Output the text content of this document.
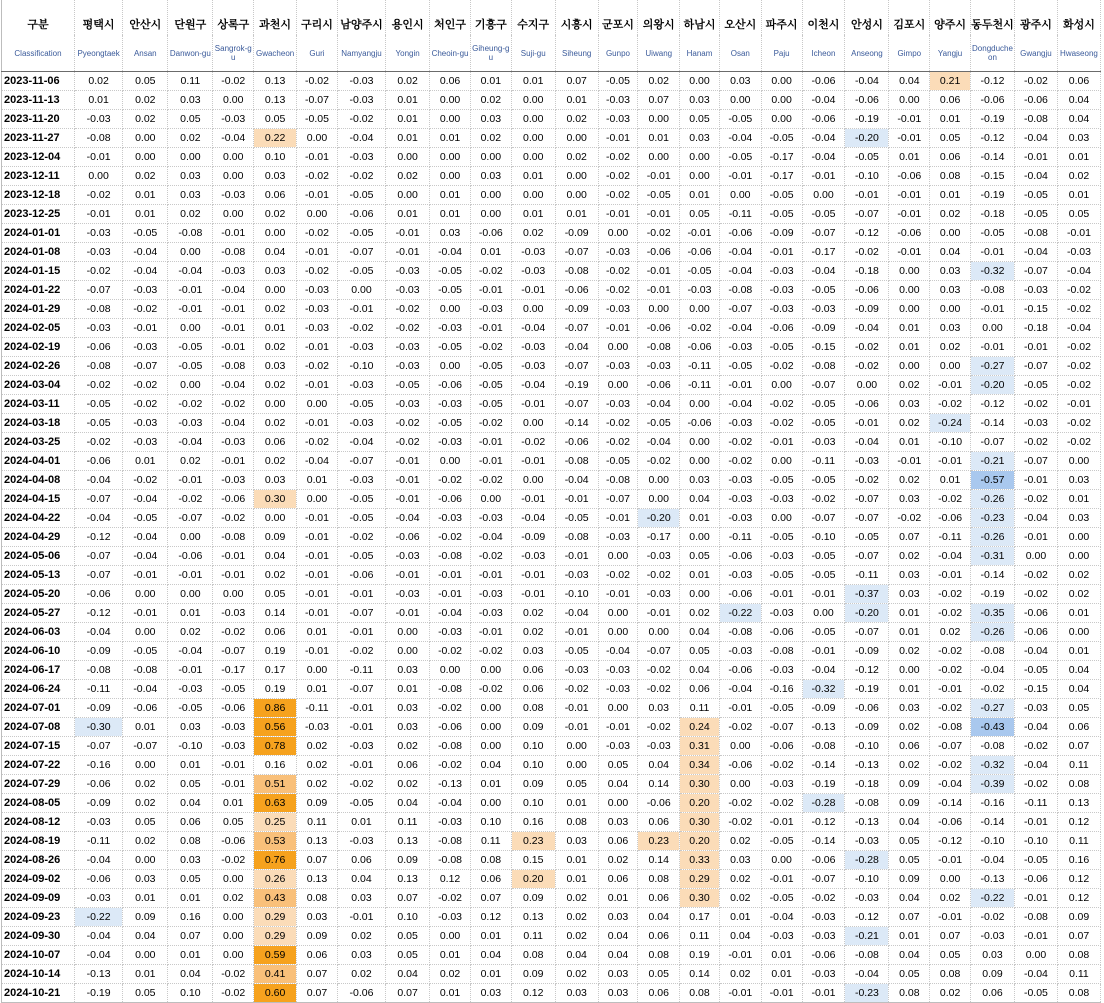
구분	평택시	안산시	단원구	상록구	과천시	구리시	남양주시	용인시	처인구	기흥구	수지구	시흥시	군포시	의왕시	하남시	오산시	파주시	이천시	안성시	김포시	양주시	동두천시	광주시	화성시
Classification	Pyeongtaek	Ansan	Danwon-gu	Sangrok-gu	Gwacheon	Guri	Namyangju	Yongin	Cheoin-gu	Giheung-gu	Suji-gu	Siheung	Gunpo	Uiwang	Hanam	Osan	Paju	Icheon	Anseong	Gimpo	Yangju	Dongducheon	Gwangju	Hwaseong
2023-11-06	0.02	0.05	0.11	-0.02	0.13	-0.02	-0.03	0.02	0.06	0.01	0.01	0.07	-0.05	0.02	0.00	0.03	0.00	-0.06	-0.04	0.04	0.21	-0.12	-0.02	0.06
2023-11-13	0.01	0.02	0.03	0.00	0.13	-0.07	-0.03	0.01	0.00	0.02	0.00	0.01	-0.03	0.07	0.03	0.00	0.00	-0.04	-0.06	0.00	0.06	-0.06	-0.06	0.04
2023-11-20	-0.03	0.02	0.05	-0.03	0.05	-0.05	-0.02	0.01	0.00	0.03	0.00	0.02	-0.03	0.00	0.05	-0.05	0.00	-0.06	-0.19	-0.01	0.01	-0.19	-0.08	0.04
2023-11-27	-0.08	0.00	0.02	-0.04	0.22	0.00	-0.04	0.01	0.01	0.02	0.00	0.00	-0.01	0.01	0.03	-0.04	-0.05	-0.04	-0.20	-0.01	0.05	-0.12	-0.04	0.03
2023-12-04	-0.01	0.00	0.00	0.00	0.10	-0.01	-0.03	0.00	0.00	0.00	0.00	0.02	-0.02	0.00	0.00	-0.05	-0.17	-0.04	-0.05	0.01	0.06	-0.14	-0.01	0.01
2023-12-11	0.00	0.02	0.03	0.00	0.03	-0.02	-0.02	0.02	0.00	0.03	0.01	0.00	-0.02	-0.01	0.00	-0.01	-0.17	-0.01	-0.10	-0.06	0.08	-0.15	-0.04	0.02
2023-12-18	-0.02	0.01	0.03	-0.03	0.06	-0.01	-0.05	0.00	0.01	0.00	0.00	0.00	-0.02	-0.05	0.01	0.00	-0.05	0.00	-0.01	-0.01	0.01	-0.19	-0.05	0.01
2023-12-25	-0.01	0.01	0.02	0.00	0.02	0.00	-0.06	0.01	0.01	0.00	0.01	0.01	-0.01	-0.01	0.05	-0.11	-0.05	-0.05	-0.07	-0.01	0.02	-0.18	-0.05	0.05
2024-01-01	-0.03	-0.05	-0.08	-0.01	0.00	-0.02	-0.05	-0.01	0.03	-0.06	0.02	-0.09	0.00	-0.02	-0.01	-0.06	-0.09	-0.07	-0.12	-0.06	0.00	-0.05	-0.08	-0.01
2024-01-08	-0.03	-0.04	0.00	-0.08	0.04	-0.01	-0.07	-0.01	-0.04	0.01	-0.03	-0.07	-0.03	-0.06	-0.06	-0.04	-0.01	-0.17	-0.02	-0.01	0.04	-0.01	-0.04	-0.03
2024-01-15	-0.02	-0.04	-0.04	-0.03	0.03	-0.02	-0.05	-0.03	-0.05	-0.02	-0.03	-0.08	-0.02	-0.01	-0.05	-0.04	-0.03	-0.04	-0.18	0.00	0.03	-0.32	-0.07	-0.04
2024-01-22	-0.07	-0.03	-0.01	-0.04	0.00	-0.03	0.00	-0.03	-0.05	-0.01	-0.01	-0.06	-0.02	-0.01	-0.03	-0.08	-0.03	-0.05	-0.06	0.00	0.03	-0.08	-0.03	-0.02
2024-01-29	-0.08	-0.02	-0.01	-0.01	0.02	-0.03	-0.01	-0.02	0.00	-0.03	0.00	-0.09	-0.03	0.00	0.00	-0.07	-0.03	-0.03	-0.09	0.00	0.00	-0.01	-0.15	-0.02
2024-02-05	-0.03	-0.01	0.00	-0.01	0.01	-0.03	-0.02	-0.02	-0.03	-0.01	-0.04	-0.07	-0.01	-0.06	-0.02	-0.04	-0.06	-0.09	-0.04	0.01	0.03	0.00	-0.18	-0.04
2024-02-19	-0.06	-0.03	-0.05	-0.01	0.02	-0.01	-0.03	-0.03	-0.05	-0.02	-0.03	-0.04	0.00	-0.08	-0.06	-0.03	-0.05	-0.15	-0.02	0.01	0.02	-0.01	-0.01	-0.02
2024-02-26	-0.08	-0.07	-0.05	-0.08	0.03	-0.02	-0.10	-0.03	0.00	-0.05	-0.03	-0.07	-0.03	-0.03	-0.11	-0.05	-0.02	-0.08	-0.02	0.00	0.00	-0.27	-0.07	-0.02
2024-03-04	-0.02	-0.02	0.00	-0.04	0.02	-0.01	-0.03	-0.05	-0.06	-0.05	-0.04	-0.19	0.00	-0.06	-0.11	-0.01	0.00	-0.07	0.00	0.02	-0.01	-0.20	-0.05	-0.02
2024-03-11	-0.05	-0.02	-0.02	-0.02	0.00	0.00	-0.05	-0.03	-0.03	-0.05	-0.01	-0.07	-0.03	-0.04	0.00	-0.04	-0.02	-0.05	-0.06	0.03	-0.02	-0.12	-0.02	-0.01
2024-03-18	-0.05	-0.03	-0.03	-0.04	0.02	-0.01	-0.03	-0.02	-0.05	-0.02	0.00	-0.14	-0.02	-0.05	-0.06	-0.03	-0.02	-0.05	-0.01	0.02	-0.24	-0.14	-0.03	-0.02
2024-03-25	-0.02	-0.03	-0.04	-0.03	0.06	-0.02	-0.04	-0.02	-0.03	-0.01	-0.02	-0.06	-0.02	-0.04	0.00	-0.02	-0.01	-0.03	-0.04	0.01	-0.10	-0.07	-0.02	-0.02
2024-04-01	-0.06	0.01	0.02	-0.01	0.02	-0.04	-0.07	-0.01	0.00	-0.01	-0.01	-0.08	-0.05	-0.02	0.00	-0.02	0.00	-0.11	-0.03	-0.01	-0.01	-0.21	-0.07	0.00
2024-04-08	-0.04	-0.02	-0.01	-0.03	0.03	0.01	-0.03	-0.01	-0.02	-0.02	0.00	-0.04	-0.08	0.00	0.03	-0.03	-0.05	-0.05	-0.02	0.02	0.01	-0.57	-0.01	0.03
2024-04-15	-0.07	-0.04	-0.02	-0.06	0.30	0.00	-0.05	-0.01	-0.06	0.00	-0.01	-0.01	-0.07	0.00	0.04	-0.03	-0.03	-0.02	-0.07	0.03	-0.02	-0.26	-0.02	0.01
2024-04-22	-0.04	-0.05	-0.07	-0.02	0.00	-0.01	-0.05	-0.04	-0.03	-0.03	-0.04	-0.05	-0.01	-0.20	0.01	-0.03	0.00	-0.07	-0.07	-0.02	-0.06	-0.23	-0.04	0.03
2024-04-29	-0.12	-0.04	0.00	-0.08	0.09	-0.01	-0.02	-0.06	-0.02	-0.04	-0.09	-0.08	-0.03	-0.17	0.00	-0.11	-0.05	-0.10	-0.05	0.07	-0.11	-0.26	-0.01	0.00
2024-05-06	-0.07	-0.04	-0.06	-0.01	0.04	-0.01	-0.05	-0.03	-0.08	-0.02	-0.03	-0.01	0.00	-0.03	0.05	-0.06	-0.03	-0.05	-0.07	0.02	-0.04	-0.31	0.00	0.00
2024-05-13	-0.07	-0.01	-0.01	-0.01	0.02	-0.01	-0.06	-0.01	-0.01	-0.01	-0.01	-0.03	-0.02	-0.02	0.01	-0.03	-0.05	-0.05	-0.11	0.03	-0.01	-0.14	-0.02	0.02
2024-05-20	-0.06	0.00	0.00	0.00	0.05	-0.01	-0.01	-0.03	-0.01	-0.03	-0.01	-0.10	-0.01	-0.03	0.00	-0.06	-0.01	-0.01	-0.37	0.03	-0.02	-0.19	-0.02	0.02
2024-05-27	-0.12	-0.01	0.01	-0.03	0.14	-0.01	-0.07	-0.01	-0.04	-0.03	0.02	-0.04	0.00	-0.01	0.02	-0.22	-0.03	0.00	-0.20	0.01	-0.02	-0.35	-0.06	0.01
2024-06-03	-0.04	0.00	0.02	-0.02	0.06	0.01	-0.01	0.00	-0.03	-0.01	0.02	-0.01	0.00	0.00	0.04	-0.08	-0.06	-0.05	-0.07	0.01	0.02	-0.26	-0.06	0.00
2024-06-10	-0.09	-0.05	-0.04	-0.07	0.19	-0.01	-0.02	0.00	-0.02	-0.02	0.03	-0.05	-0.04	-0.07	0.05	-0.03	-0.08	-0.01	-0.09	0.02	-0.02	-0.08	-0.04	0.01
2024-06-17	-0.08	-0.08	-0.01	-0.17	0.17	0.00	-0.11	0.03	0.00	0.00	0.06	-0.03	-0.03	-0.02	0.04	-0.06	-0.03	-0.04	-0.12	0.00	-0.02	-0.04	-0.05	0.04
2024-06-24	-0.11	-0.04	-0.03	-0.05	0.19	0.01	-0.07	0.01	-0.08	-0.02	0.06	-0.02	-0.03	-0.02	0.06	-0.04	-0.16	-0.32	-0.19	0.01	-0.01	-0.02	-0.15	0.04
2024-07-01	-0.09	-0.06	-0.05	-0.06	0.86	-0.11	-0.01	0.03	-0.02	0.00	0.08	-0.01	0.00	0.03	0.11	-0.01	-0.05	-0.09	-0.06	0.03	-0.02	-0.27	-0.03	0.05
2024-07-08	-0.30	0.01	0.03	-0.03	0.56	-0.03	-0.01	0.03	-0.06	0.00	0.09	-0.01	-0.01	-0.02	0.24	-0.02	-0.07	-0.13	-0.09	0.02	-0.08	-0.43	-0.04	0.06
2024-07-15	-0.07	-0.07	-0.10	-0.03	0.78	0.02	-0.03	0.02	-0.08	0.00	0.10	0.00	-0.03	-0.03	0.31	0.00	-0.06	-0.08	-0.10	0.06	-0.07	-0.08	-0.02	0.07
2024-07-22	-0.16	0.00	0.01	-0.01	0.16	0.02	-0.01	0.06	-0.02	0.04	0.10	0.00	0.05	0.04	0.34	-0.06	-0.02	-0.14	-0.13	0.02	-0.02	-0.32	-0.04	0.11
2024-07-29	-0.06	0.02	0.05	-0.01	0.51	0.02	-0.02	0.02	-0.13	0.01	0.09	0.05	0.04	0.14	0.30	0.00	-0.03	-0.19	-0.18	0.09	-0.04	-0.39	-0.02	0.08
2024-08-05	-0.09	0.02	0.04	0.01	0.63	0.09	-0.05	0.04	-0.04	0.00	0.10	0.01	0.00	-0.06	0.20	-0.02	-0.02	-0.28	-0.08	0.09	-0.14	-0.16	-0.11	0.13
2024-08-12	-0.03	0.05	0.06	0.05	0.25	0.11	0.01	0.11	-0.03	0.10	0.16	0.08	0.03	0.06	0.30	-0.02	-0.01	-0.12	-0.13	0.04	-0.06	-0.14	-0.01	0.12
2024-08-19	-0.11	0.02	0.08	-0.06	0.53	0.13	-0.03	0.13	-0.08	0.11	0.23	0.03	0.06	0.23	0.20	0.02	-0.05	-0.14	-0.03	0.05	-0.12	-0.10	-0.10	0.11
2024-08-26	-0.04	0.00	0.03	-0.02	0.76	0.07	0.06	0.09	-0.08	0.08	0.15	0.01	0.02	0.14	0.33	0.03	0.00	-0.06	-0.28	0.05	-0.01	-0.04	-0.05	0.16
2024-09-02	-0.06	0.03	0.05	0.00	0.26	0.13	0.04	0.13	0.12	0.06	0.20	0.01	0.06	0.08	0.29	0.02	-0.01	-0.07	-0.10	0.09	0.00	-0.13	-0.06	0.12
2024-09-09	-0.03	0.01	0.01	0.02	0.43	0.08	0.03	0.07	-0.02	0.07	0.09	0.02	0.01	0.06	0.30	0.02	-0.05	-0.02	-0.03	0.04	0.02	-0.22	-0.01	0.12
2024-09-23	-0.22	0.09	0.16	0.00	0.29	0.03	-0.01	0.10	-0.03	0.12	0.13	0.02	0.03	0.04	0.17	0.01	-0.04	-0.03	-0.12	0.07	-0.01	-0.02	-0.08	0.09
2024-09-30	-0.04	0.04	0.07	0.00	0.29	0.09	0.02	0.05	0.00	0.01	0.11	0.02	0.04	0.06	0.11	0.04	-0.03	-0.03	-0.21	0.01	0.07	-0.03	-0.01	0.07
2024-10-07	-0.04	0.00	0.01	0.00	0.59	0.06	0.03	0.05	0.01	0.04	0.08	0.04	0.04	0.08	0.19	-0.01	0.01	-0.06	-0.08	0.04	0.05	0.03	0.00	0.08
2024-10-14	-0.13	0.01	0.04	-0.02	0.41	0.07	0.02	0.04	0.02	0.01	0.09	0.02	0.03	0.05	0.14	0.02	0.01	-0.03	-0.04	0.05	0.08	0.09	-0.04	0.11
2024-10-21	-0.19	0.05	0.10	-0.02	0.60	0.07	-0.06	0.07	0.01	0.03	0.12	0.03	0.03	0.06	0.08	-0.01	-0.01	-0.01	-0.23	0.08	0.02	0.06	-0.05	0.08
